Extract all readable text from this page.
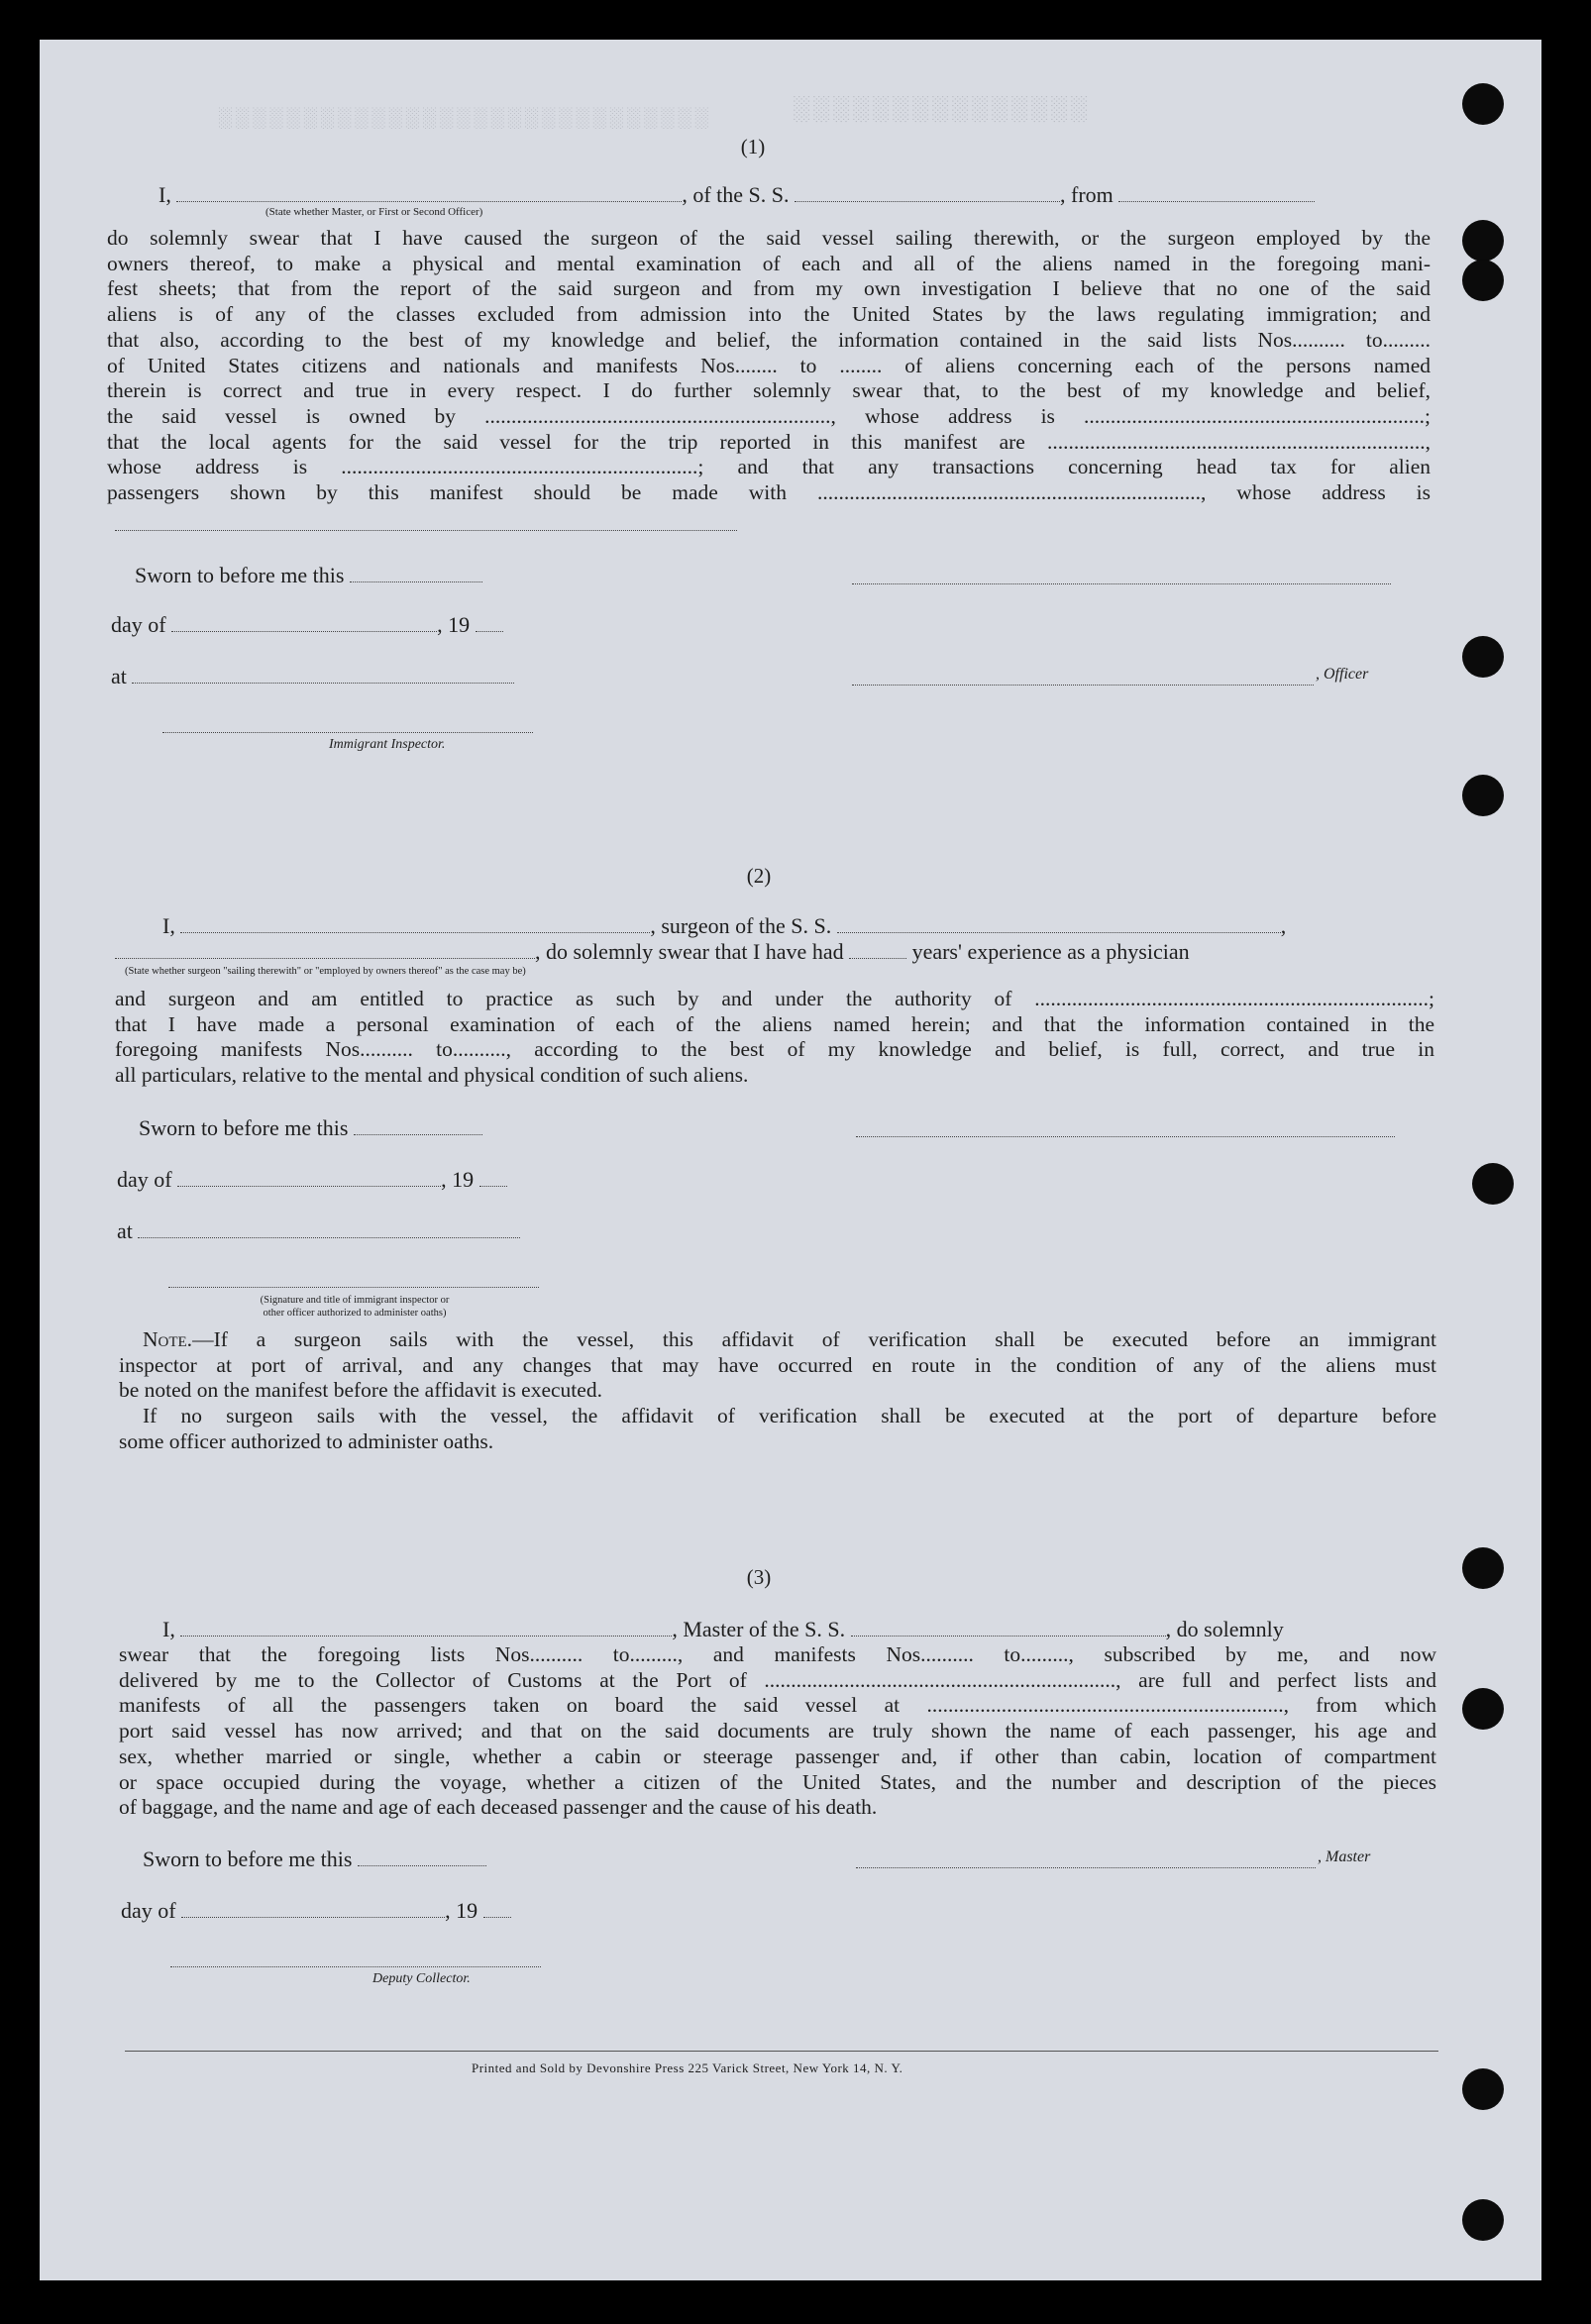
░░░░░░░░░░░░░░░
░░░░░░░░░░░░░░░░░░░░░░░░░░░░░
(1)
I,	, of the S. S.	, from
(State whether Master, or First or Second Officer)
do solemnly swear that I have caused the surgeon of the said vessel sailing therewith, or the surgeon employed by the
owners thereof, to make a physical and mental examination of each and all of the aliens named in the foregoing mani-
fest sheets; that from the report of the said surgeon and from my own investigation I believe that no one of the said
aliens is of any of the classes excluded from admission into the United States by the laws regulating immigration; and
that also, according to the best of my knowledge and belief, the information contained in the said lists Nos.......... to.........
of United States citizens and nationals and manifests Nos........ to ........ of aliens concerning each of the persons named
therein is correct and true in every respect. I do further solemnly swear that, to the best of my knowledge and belief,
the said vessel is owned by ................................................................., whose address is ................................................................;
that the local agents for the said vessel for the trip reported in this manifest are .......................................................................,
whose address is ...................................................................; and that any transactions concerning head tax for alien
passengers shown by this manifest should be made with ........................................................................, whose address is
Sworn to before me this
day of	, 19
at	, Officer
Immigrant Inspector.
(2)
I,	, surgeon of the S. S.	,
, do solemnly swear that I have had	years' experience as a physician
(State whether surgeon "sailing therewith" or "employed by owners thereof" as the case may be)
and surgeon and am entitled to practice as such by and under the authority of ..........................................................................;
that I have made a personal examination of each of the aliens named herein; and that the information contained in the
foregoing manifests Nos.......... to.........., according to the best of my knowledge and belief, is full, correct, and true in
all particulars, relative to the mental and physical condition of such aliens.
Sworn to before me this
day of	, 19
at
(Signature and title of immigrant inspector or
other officer authorized to administer oaths)
Note.—If a surgeon sails with the vessel, this affidavit of verification shall be executed before an immigrant
inspector at port of arrival, and any changes that may have occurred en route in the condition of any of the aliens must
be noted on the manifest before the affidavit is executed.
If no surgeon sails with the vessel, the affidavit of verification shall be executed at the port of departure before
some officer authorized to administer oaths.
(3)
I,	, Master of the S. S.	, do solemnly
swear that the foregoing lists Nos.......... to........., and manifests Nos.......... to........., subscribed by me, and now
delivered by me to the Collector of Customs at the Port of .................................................................., are full and perfect lists and
manifests of all the passengers taken on board the said vessel at ..................................................................., from which
port said vessel has now arrived; and that on the said documents are truly shown the name of each passenger, his age and
sex, whether married or single, whether a cabin or steerage passenger and, if other than cabin, location of compartment
or space occupied during the voyage, whether a citizen of the United States, and the number and description of the pieces
of baggage, and the name and age of each deceased passenger and the cause of his death.
Sworn to before me this	, Master
day of	, 19
Deputy Collector.
Printed and Sold by Devonshire Press 225 Varick Street, New York 14, N. Y.
